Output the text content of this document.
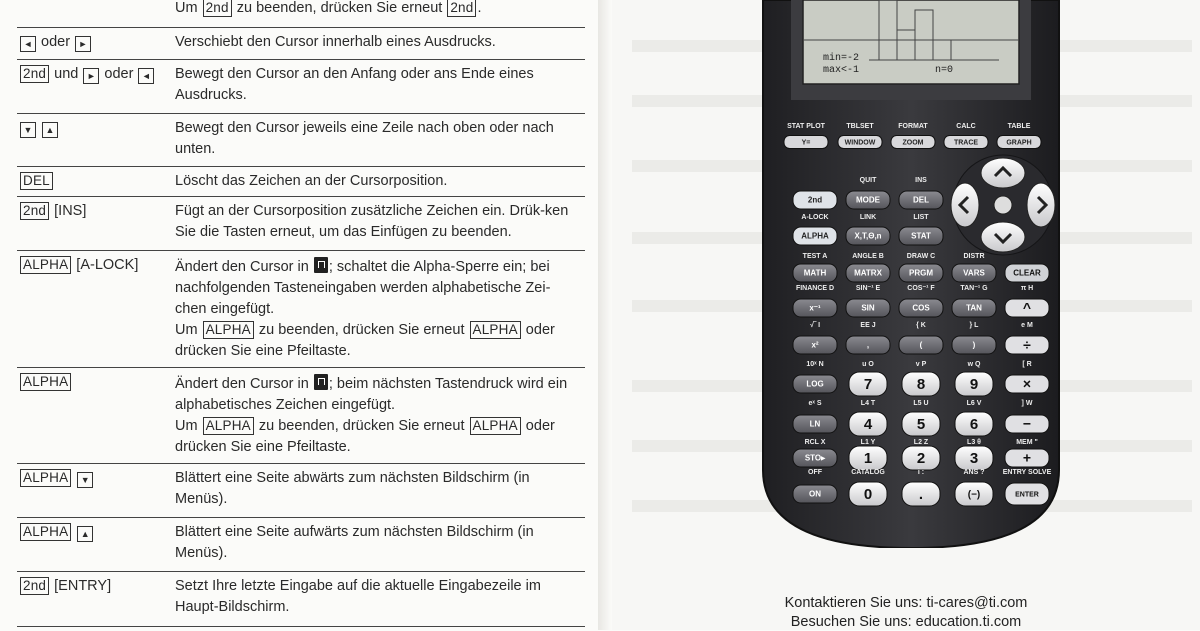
Um 2nd zu beenden, drücken Sie erneut 2nd .

◄ oder ►	Verschiebt den Cursor innerhalb eines Ausdrucks.

2nd und ► oder ◄	Bewegt den Cursor an den Anfang oder ans Ende eines Ausdrucks.

▼ ▲	Bewegt den Cursor jeweils eine Zeile nach oben oder nach unten.

DEL	Löscht das Zeichen an der Cursorposition.

2nd [INS]	Fügt an der Cursorposition zusätzliche Zeichen ein. Drük-ken Sie die Tasten erneut, um das Einfügen zu beenden.

ALPHA [A-LOCK]	Ändert den Cursor in ; schaltet die Alpha-Sperre ein; bei nachfolgenden Tasteneingaben werden alphabetische Zei-chen eingefügt.

Um ALPHA zu beenden, drücken Sie erneut ALPHA oder drücken Sie eine Pfeiltaste.

ALPHA	Ändert den Cursor in ; beim nächsten Tastendruck wird ein alphabetisches Zeichen eingefügt.

Um ALPHA zu beenden, drücken Sie erneut ALPHA oder drücken Sie eine Pfeiltaste.

ALPHA ▼	Blättert eine Seite abwärts zum nächsten Bildschirm (in Menüs).

ALPHA ▲	Blättert eine Seite aufwärts zum nächsten Bildschirm (in Menüs).

2nd [ENTRY]	Setzt Ihre letzte Eingabe auf die aktuelle Eingabezeile im Haupt-Bildschirm.

min=-2
max<-1	n=0
STAT PLOT	TBLSET	FORMAT	CALC	TABLE
Y=	WINDOW	ZOOM	TRACE	GRAPH
QUIT	INS
2nd	MODE	DEL
A-LOCK	LINK	LIST
ALPHA	X,T,Θ,n	STAT
TEST A	ANGLE B	DRAW C	DISTR
MATH	MATRX	PRGM	VARS	CLEAR
FINANCE D	SIN⁻¹ E	COS⁻¹ F	TAN⁻¹ G	π H
x⁻¹	SIN	COS	TAN	^
√‾ I	EE J	{ K	} L	e M
x²	,	(	)	÷
10ˣ N	u O	v P	w Q	[ R
LOG	7	8	9	×
eˣ S	L4 T	L5 U	L6 V	] W
LN	4	5	6	−
RCL X	L1 Y	L2 Z	L3 θ	MEM "
STO▸	1	2	3	+
OFF	CATALOG	i :	ANS ?	ENTRY SOLVE
ON	0	.	(−)	ENTER
Kontaktieren Sie uns: ti-cares@ti.com
Besuchen Sie uns: education.ti.com
